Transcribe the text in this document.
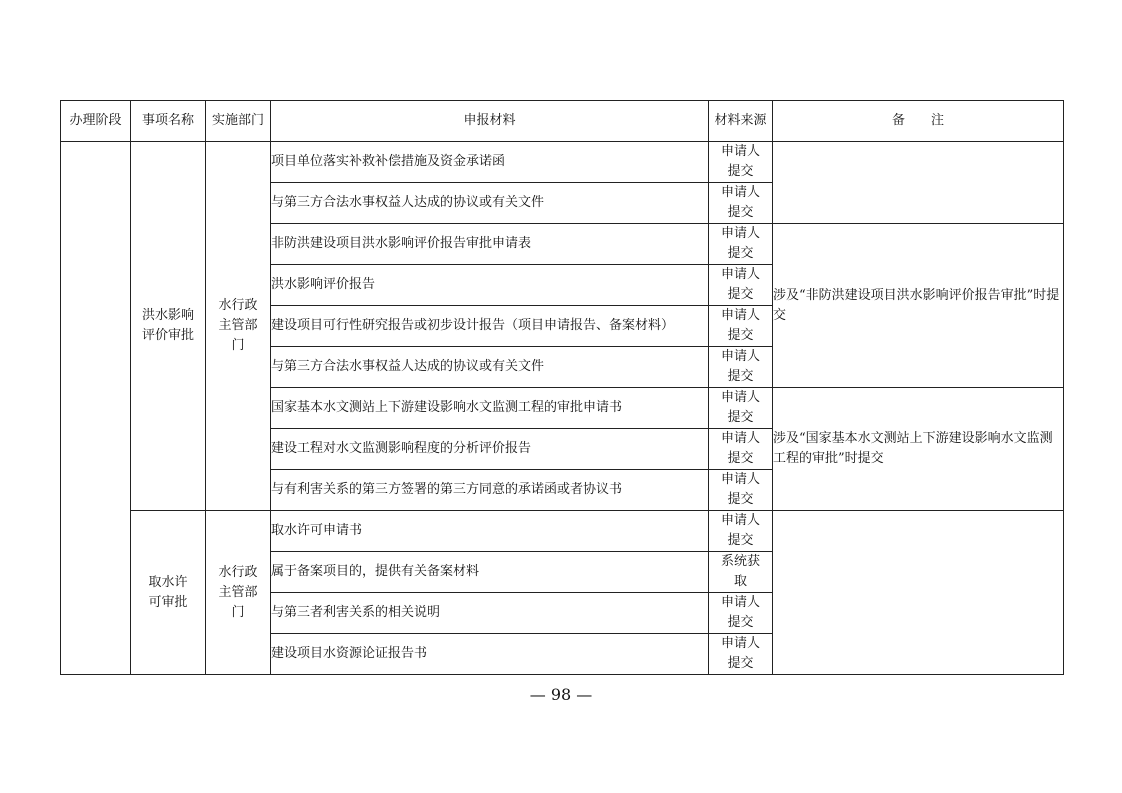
办理阶段	事项名称	实施部门	申报材料	材料来源	备　　注
	洪水影响评价审批	水行政主管部门	项目单位落实补救补偿措施及资金承诺函	申请人提交	
			与第三方合法水事权益人达成的协议或有关文件	申请人提交	
			非防洪建设项目洪水影响评价报告审批申请表	申请人提交	涉及“非防洪建设项目洪水影响评价报告审批”时提交
			洪水影响评价报告	申请人提交	
			建设项目可行性研究报告或初步设计报告（项目申请报告、备案材料）	申请人提交	
			与第三方合法水事权益人达成的协议或有关文件	申请人提交	
			国家基本水文测站上下游建设影响水文监测工程的审批申请书	申请人提交	涉及“国家基本水文测站上下游建设影响水文监测工程的审批”时提交
			建设工程对水文监测影响程度的分析评价报告	申请人提交	
			与有利害关系的第三方签署的第三方同意的承诺函或者协议书	申请人提交	
	取水许可审批	水行政主管部门	取水许可申请书	申请人提交	
			属于备案项目的，提供有关备案材料	系统获取	
			与第三者利害关系的相关说明	申请人提交	
			建设项目水资源论证报告书	申请人提交	
— 98 —
